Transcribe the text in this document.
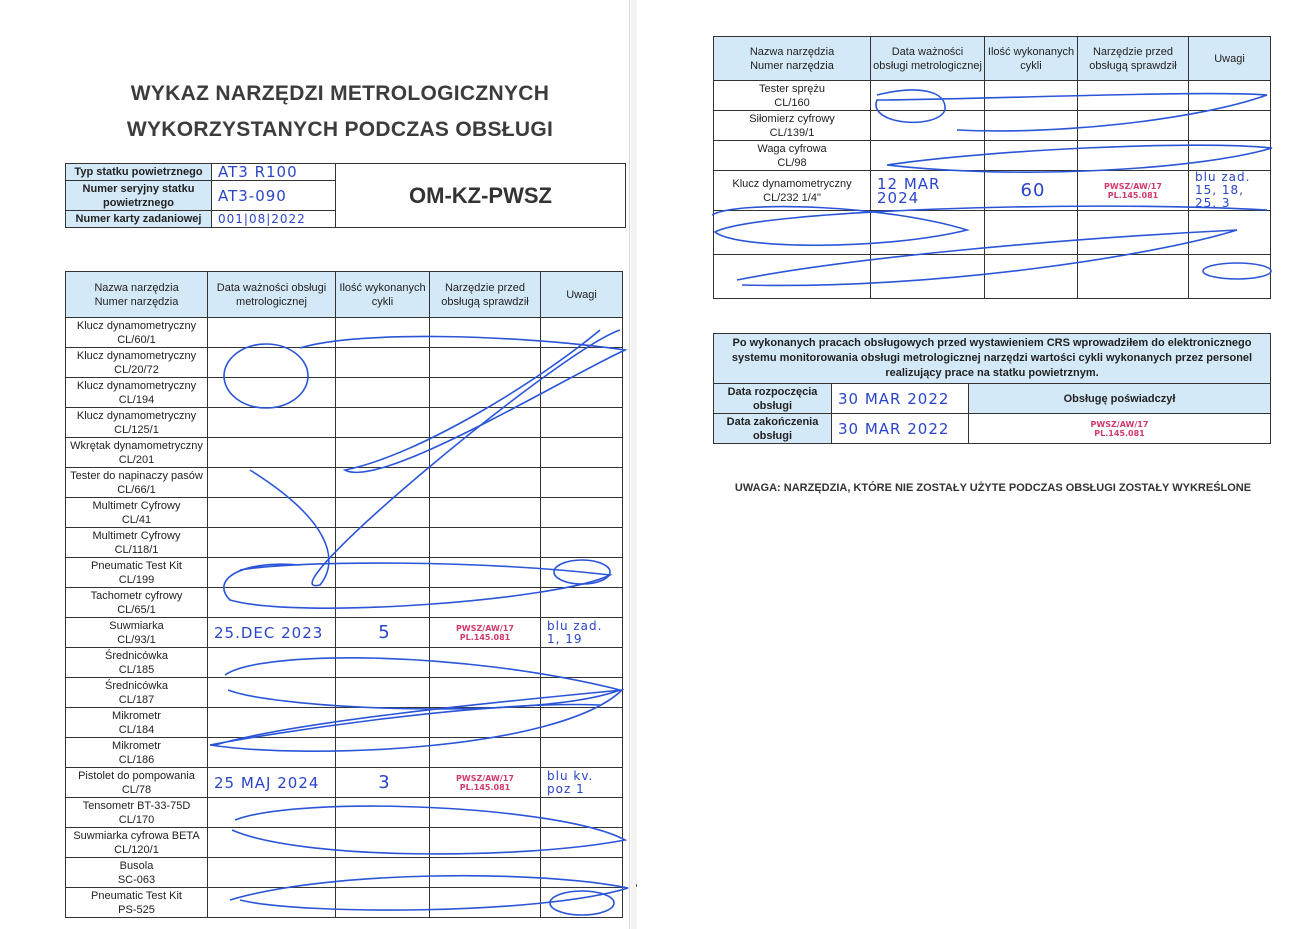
WYKAZ NARZĘDZI METROLOGICZNYCH
WYKORZYSTANYCH PODCZAS OBSŁUGI
Typ statku powietrznego	AT3 R100	OM-KZ-PWSZ
Numer seryjny statku powietrznego	AT3-090	
Numer karty zadaniowej	001|08|2022	
Nazwa narzędzia
Numer narzędzia	Data ważności obsługi metrologicznej	Ilość wykonanych cykli	Narzędzie przed obsługą sprawdził	Uwagi

Klucz dynamometryczny
CL/60/1				

Klucz dynamometryczny
CL/20/72				

Klucz dynamometryczny
CL/194				

Klucz dynamometryczny
CL/125/1				

Wkrętak dynamometryczny
CL/201				

Tester do napinaczy pasów
CL/66/1				

Multimetr Cyfrowy
CL/41				

Multimetr Cyfrowy
CL/118/1				

Pneumatic Test Kit
CL/199				

Tachometr cyfrowy
CL/65/1				

Suwmiarka
CL/93/1	25.DEC 2023	5	PWSZ/AW/17 PL.145.081	blu zad. 1, 19

Średnicówka
CL/185				

Średnicówka
CL/187				

Mikrometr
CL/184				

Mikrometr
CL/186				

Pistolet do pompowania
CL/78	25 MAJ 2024	3	PWSZ/AW/17 PL.145.081	blu kv. poz 1

Tensometr BT-33-75D
CL/170				

Suwmiarka cyfrowa BETA
CL/120/1				

Busola
SC-063				

Pneumatic Test Kit
PS-525				

Nazwa narzędzia
Numer narzędzia	Data ważności obsługi metrologicznej	Ilość wykonanych cykli	Narzędzie przed obsługą sprawdził	Uwagi

Tester sprężu
CL/160				

Siłomierz cyfrowy
CL/139/1				

Waga cyfrowa
CL/98				

Klucz dynamometryczny
CL/232 1/4"	12 MAR 2024	60	PWSZ/AW/17 PL.145.081	blu zad. 15, 18, 25, 3

Po wykonanych pracach obsługowych przed wystawieniem CRS wprowadziłem do elektronicznego systemu monitorowania obsługi metrologicznej narzędzi wartości cykli wykonanych przez personel realizujący prace na statku powietrznym.		
Data rozpoczęcia obsługi	30 MAR 2022	Obsługę poświadczył
Data zakończenia obsługi	30 MAR 2022	PWSZ/AW/17 PL.145.081
UWAGA: NARZĘDZIA, KTÓRE NIE ZOSTAŁY UŻYTE PODCZAS OBSŁUGI ZOSTAŁY WYKREŚLONE
